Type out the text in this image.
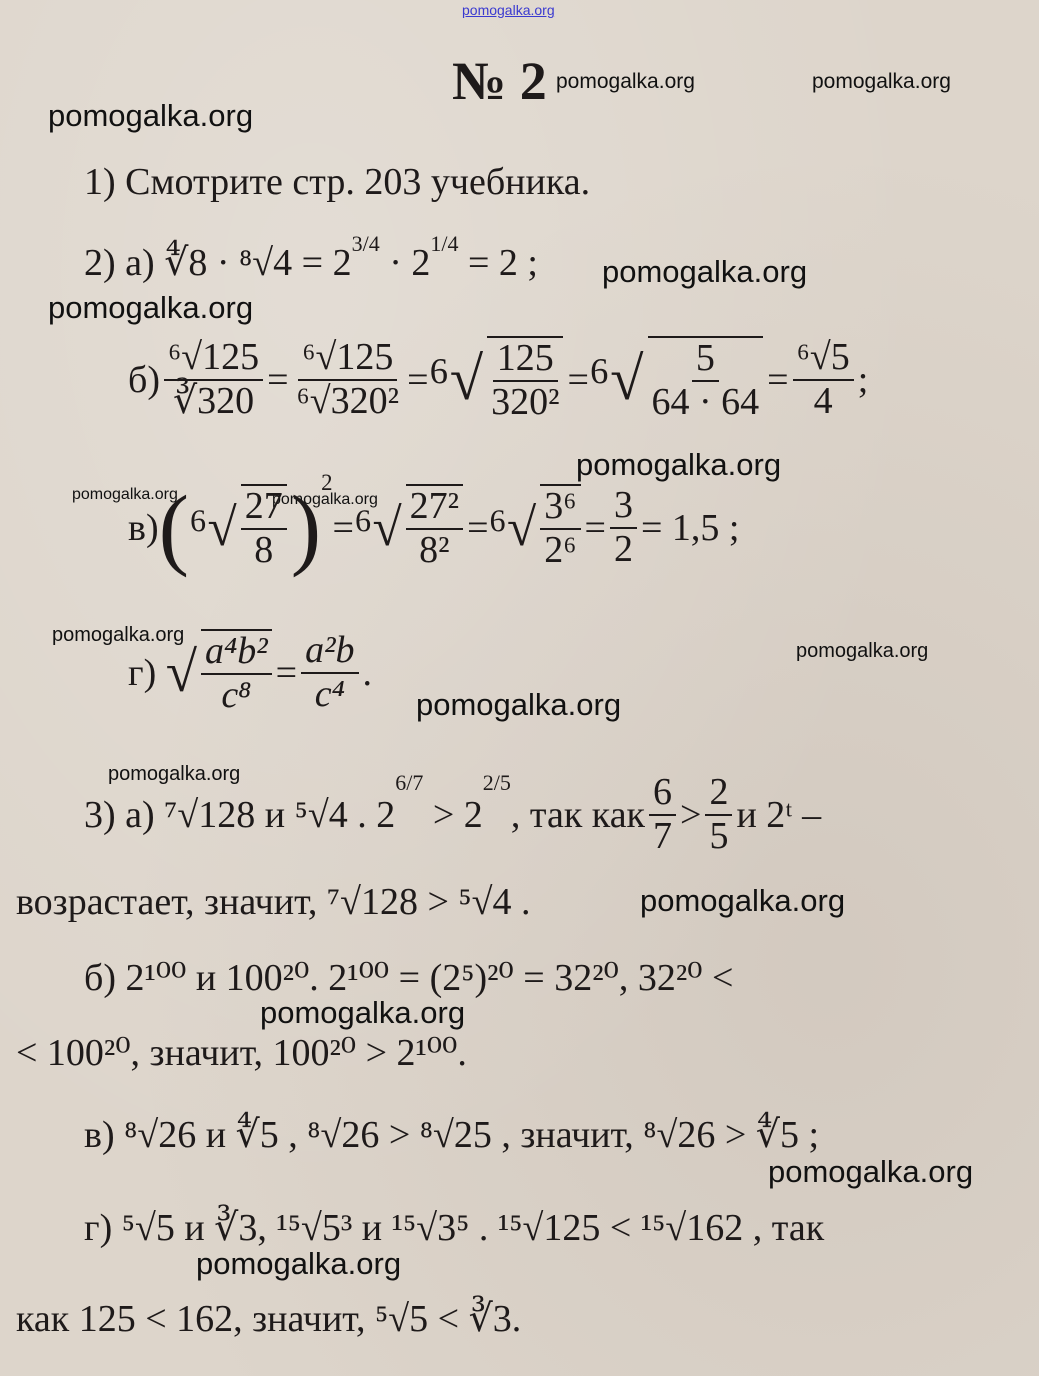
pomogalka.org
№ 2 pomogalka.org	pomogalka.org
pomogalka.org
pomogalka.org
pomogalka.org
pomogalka.org
pomogalka.org	pomogalka.org
pomogalka.org
pomogalka.org
pomogalka.org
pomogalka.org
pomogalka.org
pomogalka.org
pomogalka.org
pomogalka.org
1) Смотрите стр. 203 учебника.
2) а)
∜8 · $^8√4 = 2^{3/4}$
· $2^{1/4}$
= 2 ;
$б) \frac{\text{⁶√125}}{∛320} = \frac{\text{⁶√125}}{\text{⁶√320²}} = ^6√ \frac{125}{\text{320²}} = ^6√ \frac{5}{64 \cdot 64} = \frac{\text{⁶√5}}{4}$ ;
в) ( $^6√ \frac{27}{8} )^2$
= $^6√ \frac{\text{27²}}{\text{8²}} = ^6√ \frac{\text{3⁶}}{\text{2⁶}} = \frac{3}{2} = 1,5$ ;
г)
√ $\frac{\text{a⁴b²}}{\text{c⁸}} = \frac{\text{a²b}}{\text{c⁴}}$ .
3) а) ⁷√128 и ⁵√4 . 2
$^{6/7}$

> 2
$^{2/5}$
, так как $\frac{6}{7} > \frac{2}{5}$ и 2ᵗ –
возрастает, значит, ⁷√128 > ⁵√4 .
б) 2¹⁰⁰ и 100²⁰. 2¹⁰⁰ = (2⁵)²⁰ = 32²⁰, 32²⁰ <
< 100²⁰, значит, 100²⁰ > 2¹⁰⁰.
в) ⁸√26 и ∜5 , ⁸√26 > ⁸√25 , значит, ⁸√26 > ∜5 ;
г) ⁵√5 и ∛3, ¹⁵√5³ и ¹⁵√3⁵ . ¹⁵√125 < ¹⁵√162 , так
как 125 < 162, значит, ⁵√5 < ∛3.
